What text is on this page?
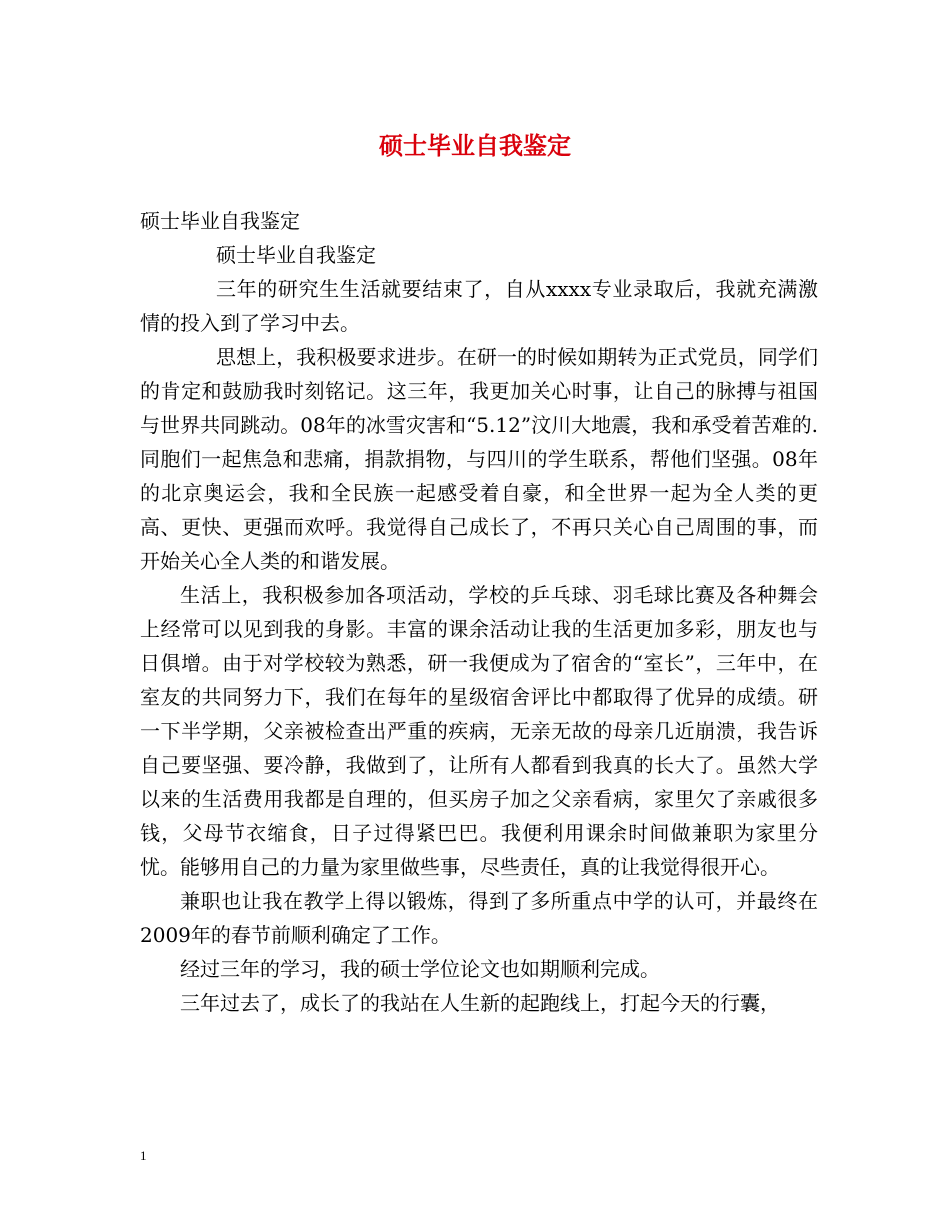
硕士毕业自我鉴定

硕士毕业自我鉴定

硕士毕业自我鉴定

三年的研究生生活就要结束了，自从xxxx专业录取后，我就充满激情的投入到了学习中去。

思想上，我积极要求进步。在研一的时候如期转为正式党员，同学们的肯定和鼓励我时刻铭记。这三年，我更加关心时事，让自己的脉搏与祖国与世界共同跳动。08年的冰雪灾害和“5.12”汶川大地震，我和承受着苦难的.同胞们一起焦急和悲痛，捐款捐物，与四川的学生联系，帮他们坚强。08年的北京奥运会，我和全民族一起感受着自豪，和全世界一起为全人类的更高、更快、更强而欢呼。我觉得自己成长了，不再只关心自己周围的事，而开始关心全人类的和谐发展。

生活上，我积极参加各项活动，学校的乒乓球、羽毛球比赛及各种舞会上经常可以见到我的身影。丰富的课余活动让我的生活更加多彩，朋友也与日俱增。由于对学校较为熟悉，研一我便成为了宿舍的“室长”，三年中，在室友的共同努力下，我们在每年的星级宿舍评比中都取得了优异的成绩。研一下半学期，父亲被检查出严重的疾病，无亲无故的母亲几近崩溃，我告诉自己要坚强、要冷静，我做到了，让所有人都看到我真的长大了。虽然大学以来的生活费用我都是自理的，但买房子加之父亲看病，家里欠了亲戚很多钱，父母节衣缩食，日子过得紧巴巴。我便利用课余时间做兼职为家里分忧。能够用自己的力量为家里做些事，尽些责任，真的让我觉得很开心。

兼职也让我在教学上得以锻炼，得到了多所重点中学的认可，并最终在2009年的春节前顺利确定了工作。

经过三年的学习，我的硕士学位论文也如期顺利完成。

三年过去了，成长了的我站在人生新的起跑线上，打起今天的行囊，

1
